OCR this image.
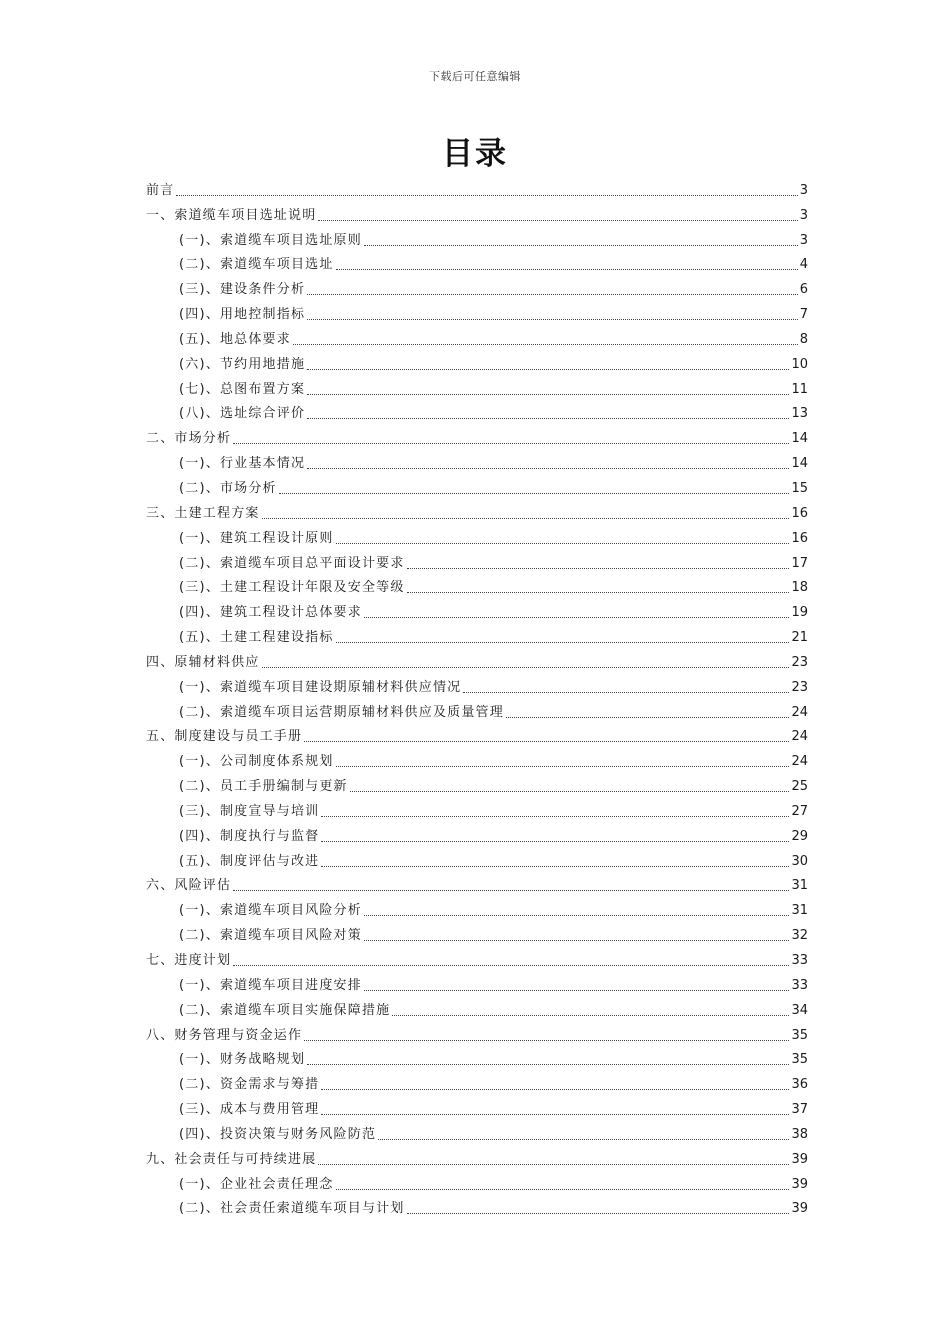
下载后可任意编辑
目录
前言	3
一、索道缆车项目选址说明	3
(一)、索道缆车项目选址原则	3
(二)、索道缆车项目选址	4
(三)、建设条件分析	6
(四)、用地控制指标	7
(五)、地总体要求	8
(六)、节约用地措施	10
(七)、总图布置方案	11
(八)、选址综合评价	13
二、市场分析	14
(一)、行业基本情况	14
(二)、市场分析	15
三、土建工程方案	16
(一)、建筑工程设计原则	16
(二)、索道缆车项目总平面设计要求	17
(三)、土建工程设计年限及安全等级	18
(四)、建筑工程设计总体要求	19
(五)、土建工程建设指标	21
四、原辅材料供应	23
(一)、索道缆车项目建设期原辅材料供应情况	23
(二)、索道缆车项目运营期原辅材料供应及质量管理	24
五、制度建设与员工手册	24
(一)、公司制度体系规划	24
(二)、员工手册编制与更新	25
(三)、制度宣导与培训	27
(四)、制度执行与监督	29
(五)、制度评估与改进	30
六、风险评估	31
(一)、索道缆车项目风险分析	31
(二)、索道缆车项目风险对策	32
七、进度计划	33
(一)、索道缆车项目进度安排	33
(二)、索道缆车项目实施保障措施	34
八、财务管理与资金运作	35
(一)、财务战略规划	35
(二)、资金需求与筹措	36
(三)、成本与费用管理	37
(四)、投资决策与财务风险防范	38
九、社会责任与可持续进展	39
(一)、企业社会责任理念	39
(二)、社会责任索道缆车项目与计划	39
